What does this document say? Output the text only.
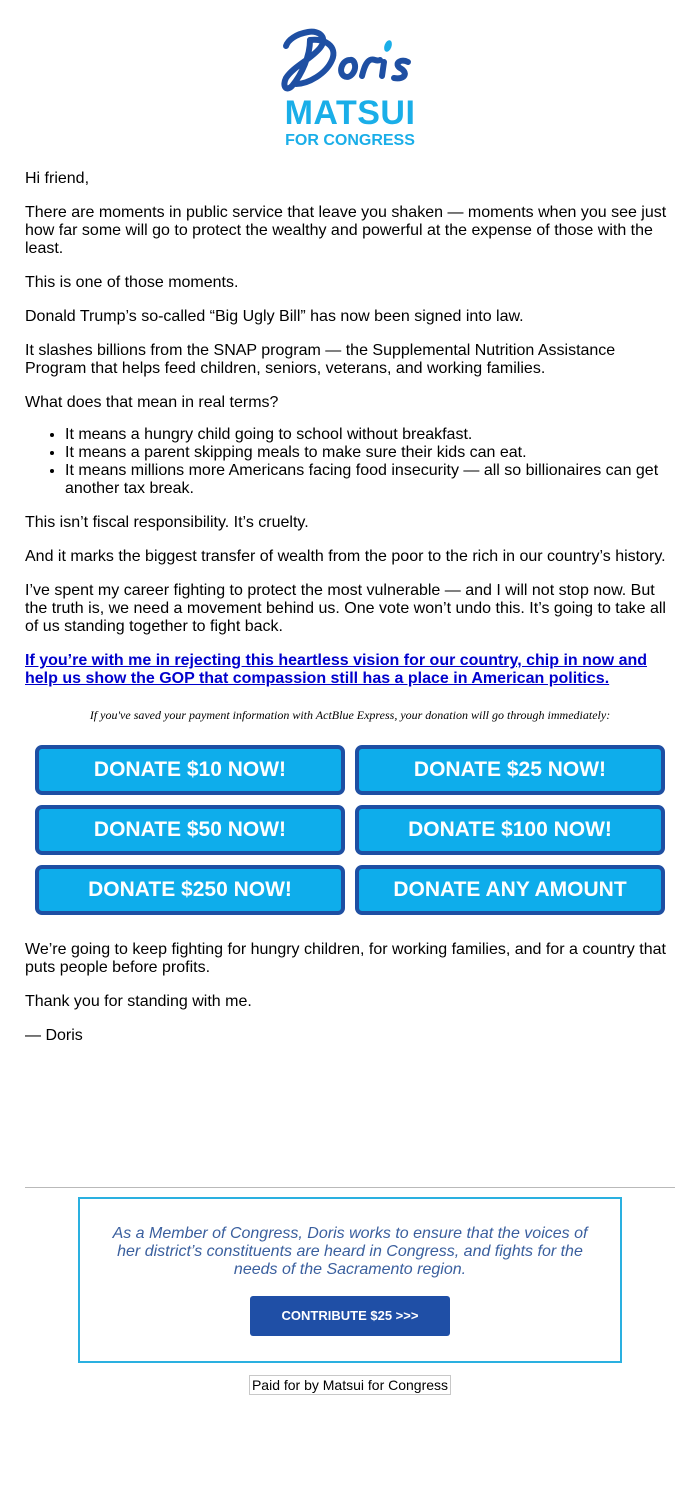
MATSUI
FOR CONGRESS

Hi friend,

There are moments in public service that leave you shaken — moments when you see just how far some will go to protect the wealthy and powerful at the expense of those with the least.

This is one of those moments.

Donald Trump’s so-called “Big Ugly Bill” has now been signed into law.

It slashes billions from the SNAP program — the Supplemental Nutrition Assistance Program that helps feed children, seniors, veterans, and working families.

What does that mean in real terms?

• It means a hungry child going to school without breakfast.
• It means a parent skipping meals to make sure their kids can eat.
• It means millions more Americans facing food insecurity — all so billionaires can get another tax break.

This isn’t fiscal responsibility. It’s cruelty.

And it marks the biggest transfer of wealth from the poor to the rich in our country’s history.

I’ve spent my career fighting to protect the most vulnerable — and I will not stop now. But the truth is, we need a movement behind us. One vote won’t undo this. It’s going to take all of us standing together to fight back.

If you’re with me in rejecting this heartless vision for our country, chip in now and help us show the GOP that compassion still has a place in American politics.
If you've saved your payment information with ActBlue Express, your donation will go through immediately:
DONATE $10 NOW!	DONATE $25 NOW!
DONATE $50 NOW!	DONATE $100 NOW!
DONATE $250 NOW!	DONATE ANY AMOUNT

We’re going to keep fighting for hungry children, for working families, and for a country that puts people before profits.

Thank you for standing with me.

— Doris

As a Member of Congress, Doris works to ensure that the voices of her district’s constituents are heard in Congress, and fights for the needs of the Sacramento region.

CONTRIBUTE $25 >>>
Paid for by Matsui for Congress
